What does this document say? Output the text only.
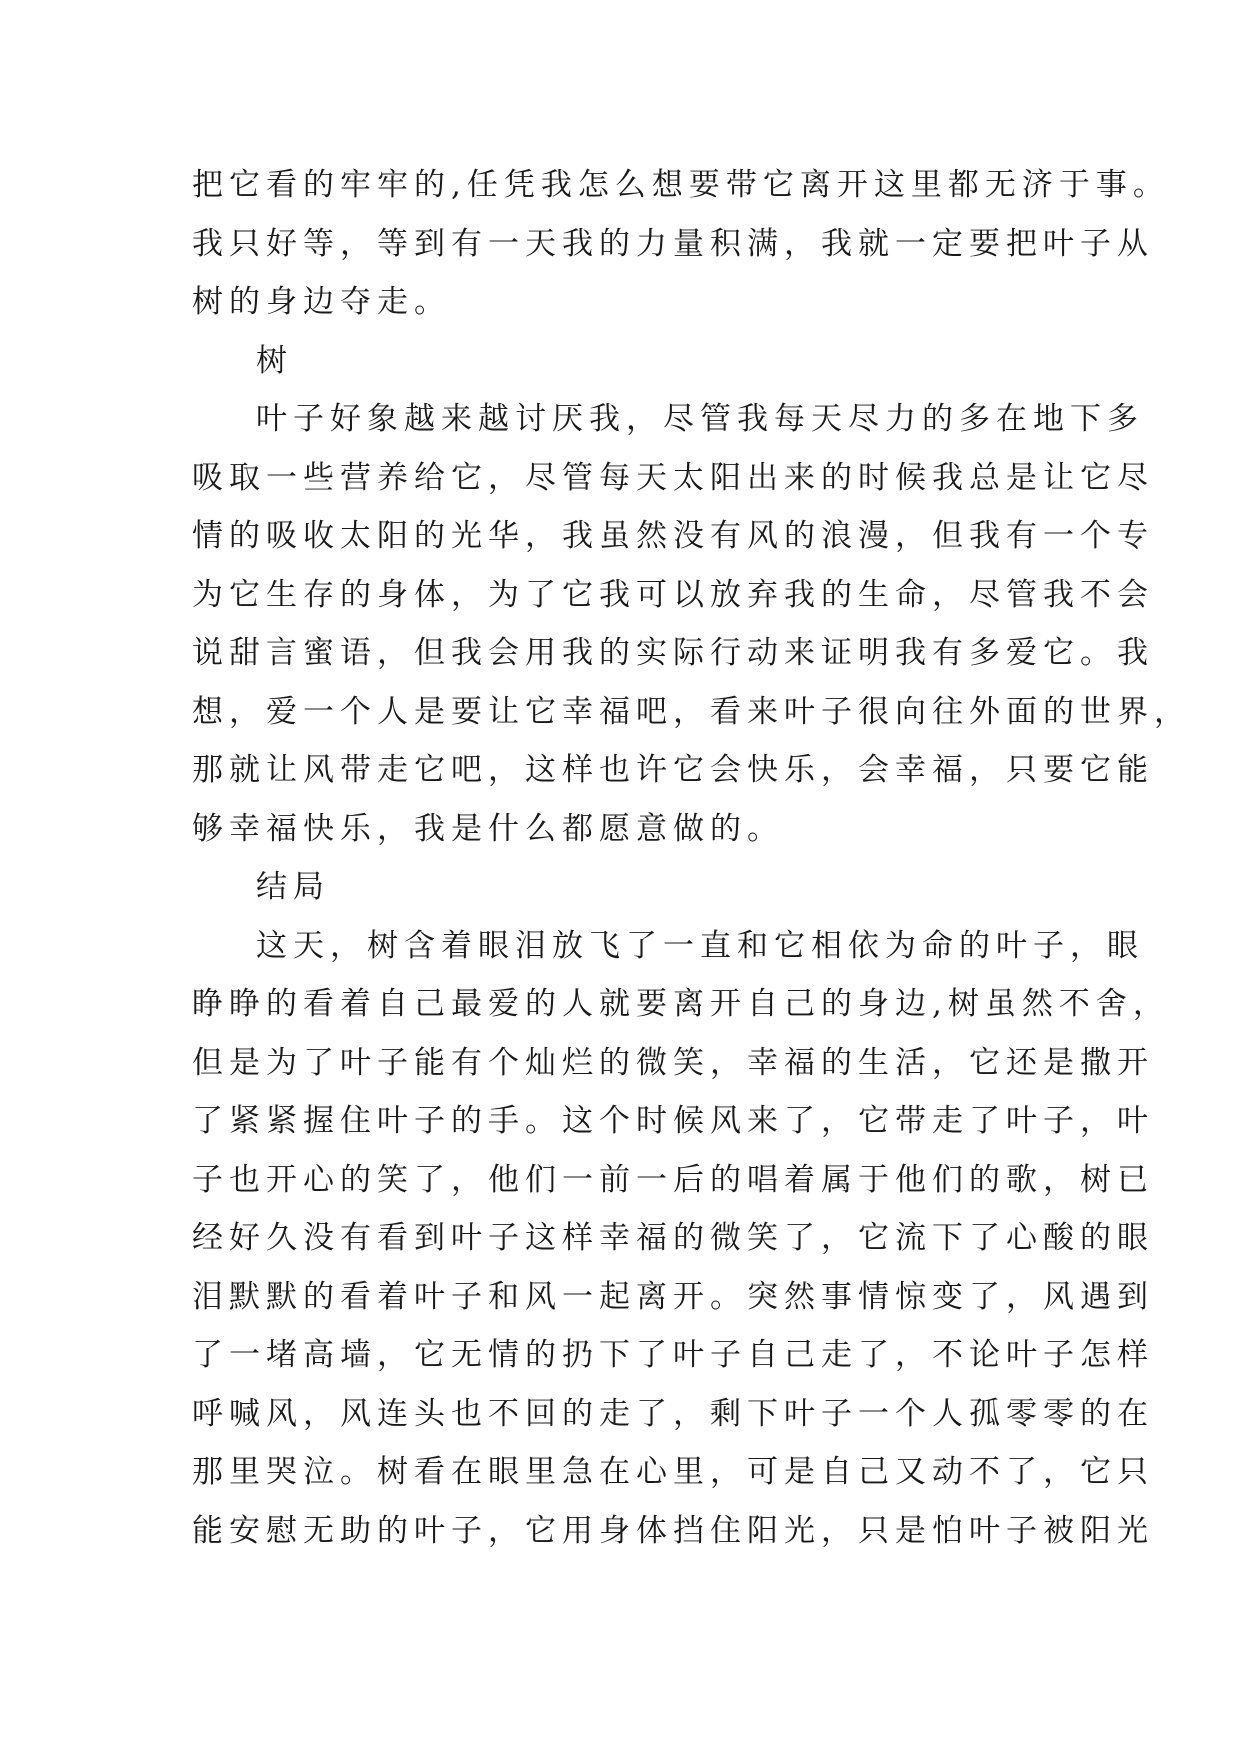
把它看的牢牢的,任凭我怎么想要带它离开这里都无济于事。
我只好等，等到有一天我的力量积满，我就一定要把叶子从
树的身边夺走。
树
叶子好象越来越讨厌我，尽管我每天尽力的多在地下多
吸取一些营养给它，尽管每天太阳出来的时候我总是让它尽
情的吸收太阳的光华，我虽然没有风的浪漫，但我有一个专
为它生存的身体，为了它我可以放弃我的生命，尽管我不会
说甜言蜜语，但我会用我的实际行动来证明我有多爱它。我
想，爱一个人是要让它幸福吧，看来叶子很向往外面的世界，
那就让风带走它吧，这样也许它会快乐，会幸福，只要它能
够幸福快乐，我是什么都愿意做的。
结局
这天，树含着眼泪放飞了一直和它相依为命的叶子，眼
睁睁的看着自己最爱的人就要离开自己的身边,树虽然不舍，
但是为了叶子能有个灿烂的微笑，幸福的生活，它还是撒开
了紧紧握住叶子的手。这个时候风来了，它带走了叶子，叶
子也开心的笑了，他们一前一后的唱着属于他们的歌，树已
经好久没有看到叶子这样幸福的微笑了，它流下了心酸的眼
泪默默的看着叶子和风一起离开。突然事情惊变了，风遇到
了一堵高墙，它无情的扔下了叶子自己走了，不论叶子怎样
呼喊风，风连头也不回的走了，剩下叶子一个人孤零零的在
那里哭泣。树看在眼里急在心里，可是自己又动不了，它只
能安慰无助的叶子，它用身体挡住阳光，只是怕叶子被阳光
